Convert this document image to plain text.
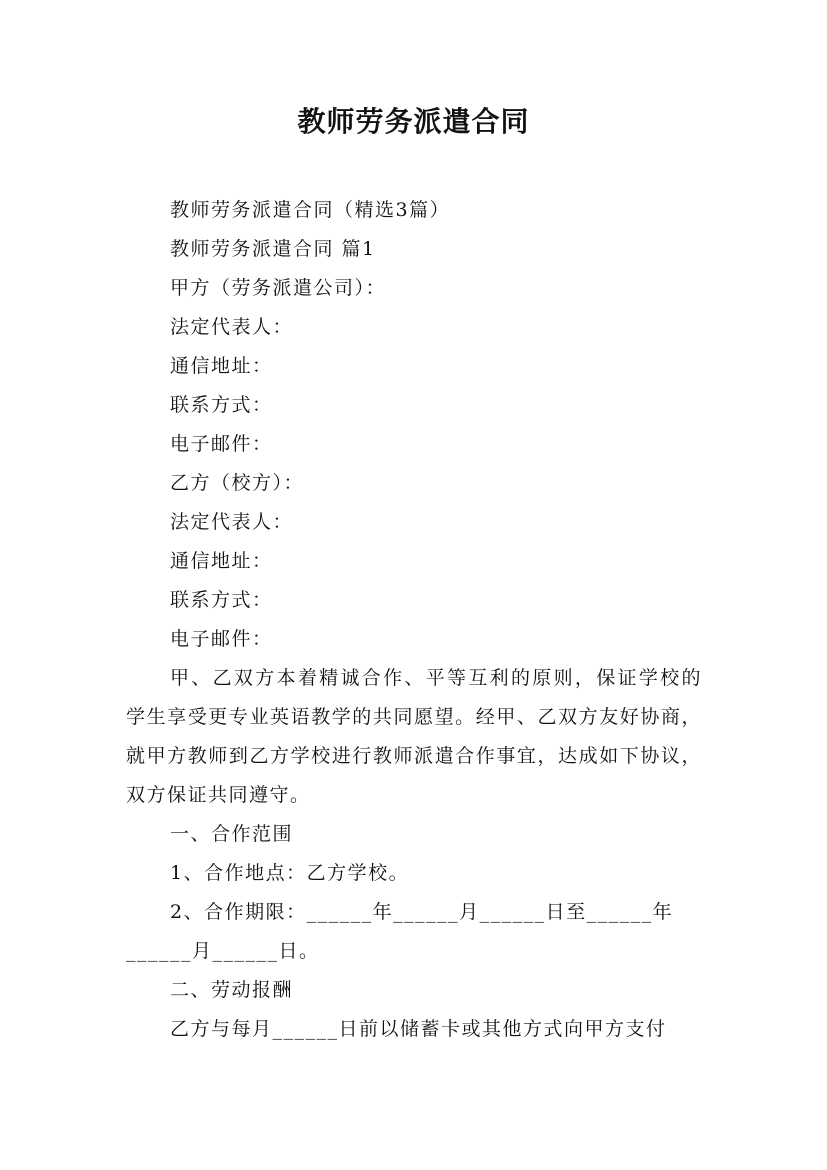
教师劳务派遣合同
教师劳务派遣合同（精选3篇）
教师劳务派遣合同 篇1
甲方（劳务派遣公司）：
法定代表人：
通信地址：
联系方式：
电子邮件：
乙方（校方）：
法定代表人：
通信地址：
联系方式：
电子邮件：
甲、乙双方本着精诚合作、平等互利的原则，保证学校的学生享受更专业英语教学的共同愿望。经甲、乙双方友好协商，就甲方教师到乙方学校进行教师派遣合作事宜，达成如下协议，双方保证共同遵守。
一、合作范围
1、合作地点：乙方学校。
2、合作期限：______年______月______日至______年
______月______日。
二、劳动报酬
乙方与每月______日前以储蓄卡或其他方式向甲方支付
